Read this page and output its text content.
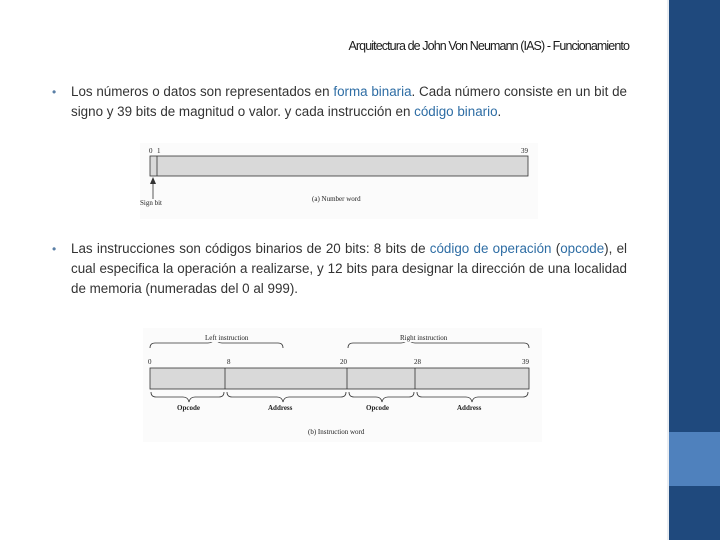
Arquitectura de John Von Neumann (IAS) - Funcionamiento
• Los números o datos son representados en forma binaria. Cada número consiste en un bit de signo y 39 bits de magnitud o valor. y cada instrucción en código binario.
0 1	39
Sign bit	(a) Number word
• Las instrucciones son códigos binarios de 20 bits: 8 bits de código de operación (opcode), el cual especifica la operación a realizarse, y 12 bits para designar la dirección de una localidad de memoria (numeradas del 0 al 999).
Left instruction	Right instruction
0	8	20	28	39
Opcode	Address	Opcode	Address
(b) Instruction word
